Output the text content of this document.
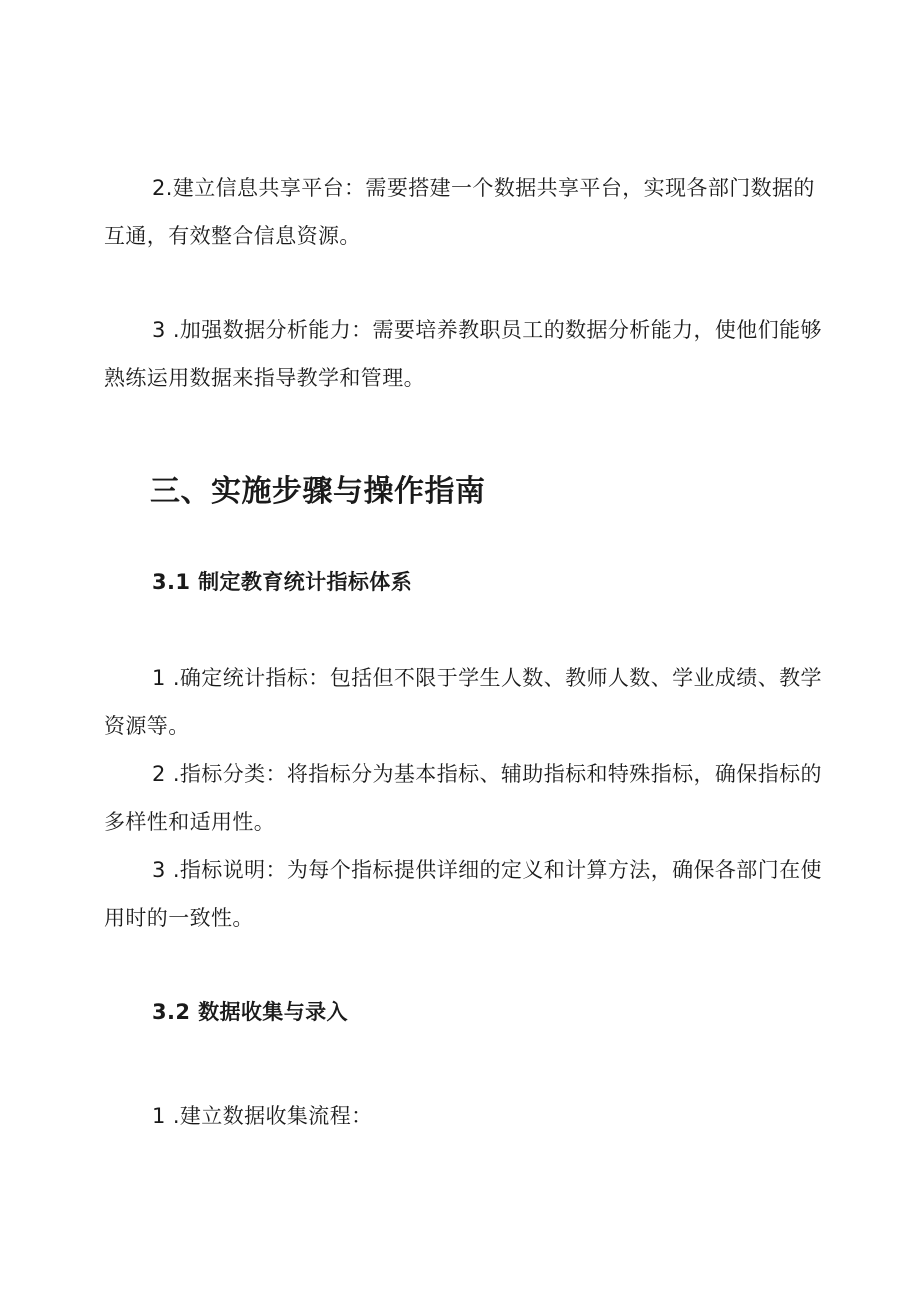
2.建立信息共享平台：需要搭建一个数据共享平台，实现各部门数据的互通，有效整合信息资源。

3 .加强数据分析能力：需要培养教职员工的数据分析能力，使他们能够熟练运用数据来指导教学和管理。

三、实施步骤与操作指南
3.1 制定教育统计指标体系

1 .确定统计指标：包括但不限于学生人数、教师人数、学业成绩、教学资源等。

2 .指标分类：将指标分为基本指标、辅助指标和特殊指标，确保指标的多样性和适用性。

3 .指标说明：为每个指标提供详细的定义和计算方法，确保各部门在使用时的一致性。

3.2 数据收集与录入

1 .建立数据收集流程：
